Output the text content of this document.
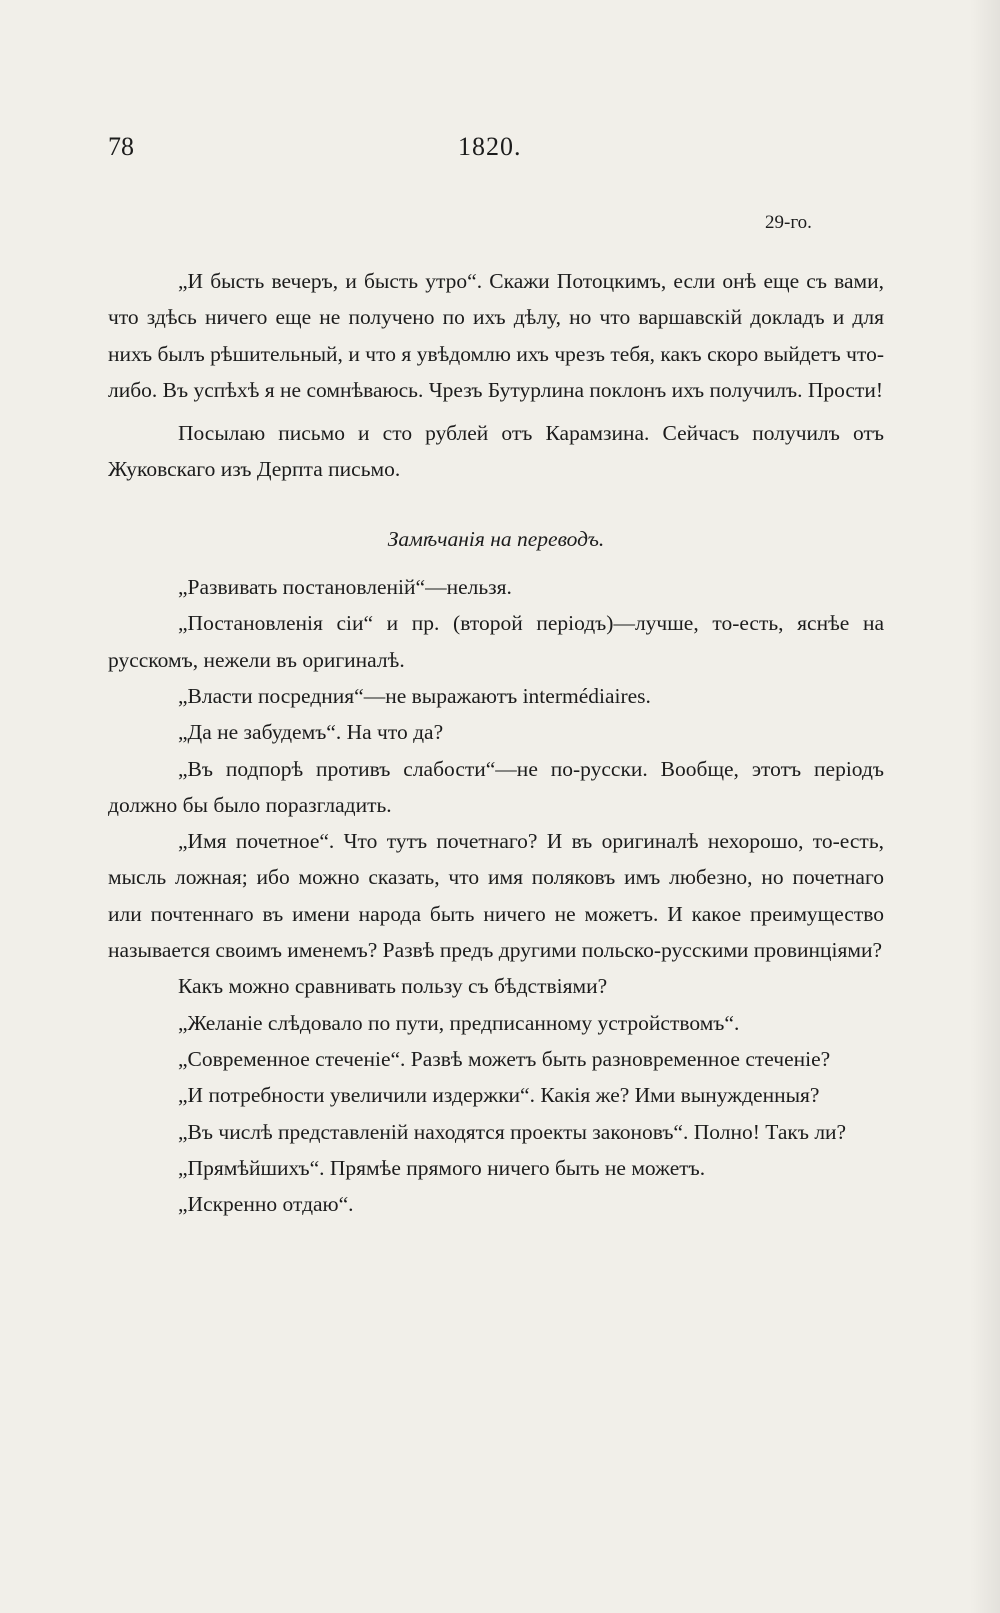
78	1820.
29-го.

„И бысть вечеръ, и бысть утро“. Скажи Потоцкимъ, если онѣ еще съ вами, что здѣсь ничего еще не получено по ихъ дѣлу, но что варшавскій докладъ и для нихъ былъ рѣшительный, и что я увѣдомлю ихъ чрезъ тебя, какъ скоро выйдетъ что-либо. Въ успѣхѣ я не сомнѣваюсь. Чрезъ Бутурлина поклонъ ихъ получилъ. Прости!

Посылаю письмо и сто рублей отъ Карамзина. Сейчасъ получилъ отъ Жуковскаго изъ Дерпта письмо.

Замѣчанія на переводъ.

„Развивать постановленій“—нельзя.

„Постановленія сіи“ и пр. (второй періодъ)—лучше, то-есть, яснѣе на русскомъ, нежели въ оригиналѣ.

„Власти посредния“—не выражаютъ intermédiaires.

„Да не забудемъ“. На что да?

„Въ подпорѣ противъ слабости“—не по-русски. Вообще, этотъ періодъ должно бы было поразгладить.

„Имя почетное“. Что тутъ почетнаго? И въ оригиналѣ нехорошо, то-есть, мысль ложная; ибо можно сказать, что имя поляковъ имъ любезно, но почетнаго или почтеннаго въ имени народа быть ничего не можетъ. И какое преимущество называется своимъ именемъ? Развѣ предъ другими польско-русскими провинціями?

Какъ можно сравнивать пользу съ бѣдствіями?

„Желаніе слѣдовало по пути, предписанному устройствомъ“.

„Современное стеченіе“. Развѣ можетъ быть разновременное стеченіе?

„И потребности увеличили издержки“. Какія же? Ими вынужденныя?

„Въ числѣ представленій находятся проекты законовъ“. Полно! Такъ ли?

„Прямѣйшихъ“. Прямѣе прямого ничего быть не можетъ.

„Искренно отдаю“.
